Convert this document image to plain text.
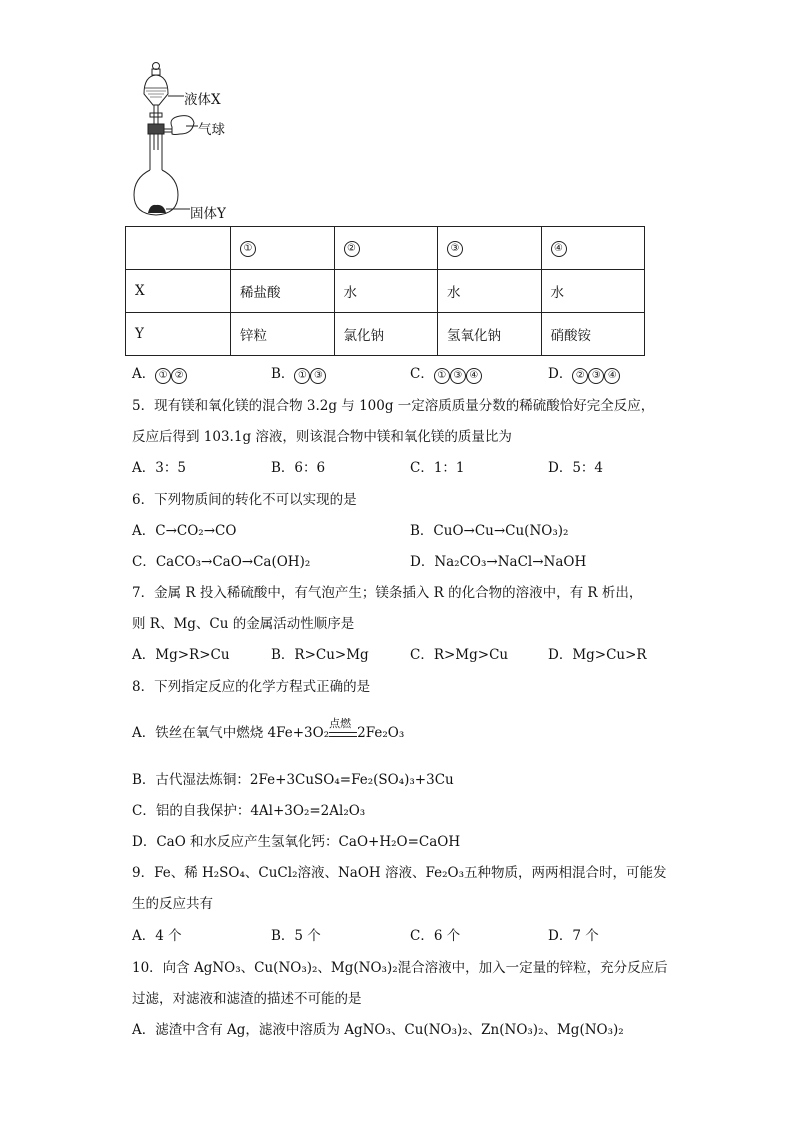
液体X
气球
固体Y
	①	②	③	④
X	稀盐酸	水	水	水
Y	锌粒	氯化钠	氢氧化钠	硝酸铵
A． ① ②	B． ① ③	C． ① ③ ④	D． ② ③ ④
5．现有镁和氧化镁的混合物 3.2g 与 100g 一定溶质质量分数的稀硫酸恰好完全反应，
反应后得到 103.1g 溶液，则该混合物中镁和氧化镁的质量比为
A．3：5	B．6：6	C．1：1	D．5：4
6．下列物质间的转化不可以实现的是
A．C→CO₂→CO	B．CuO→Cu→Cu(NO₃)₂
C．CaCO₃→CaO→Ca(OH)₂	D．Na₂CO₃→NaCl→NaOH
7．金属 R 投入稀硫酸中，有气泡产生；镁条插入 R 的化合物的溶液中，有 R 析出，
则 R、Mg、Cu 的金属活动性顺序是
A．Mg>R>Cu	B．R>Cu>Mg	C．R>Mg>Cu	D．Mg>Cu>R
8．下列指定反应的化学方程式正确的是
A．铁丝在氧气中燃烧 4Fe+3O₂
点燃
2Fe₂O₃
B．古代湿法炼铜：2Fe+3CuSO₄=Fe₂(SO₄)₃+3Cu
C．铝的自我保护：4Al+3O₂=2Al₂O₃
D．CaO 和水反应产生氢氧化钙：CaO+H₂O=CaOH
9．Fe、稀 H₂SO₄、CuCl₂溶液、NaOH 溶液、Fe₂O₃五种物质，两两相混合时，可能发
生的反应共有
A．4 个	B．5 个	C．6 个	D．7 个
10．向含 AgNO₃、Cu(NO₃)₂、Mg(NO₃)₂混合溶液中，加入一定量的锌粒，充分反应后
过滤，对滤液和滤渣的描述不可能的是
A．滤渣中含有 Ag，滤液中溶质为 AgNO₃、Cu(NO₃)₂、Zn(NO₃)₂、Mg(NO₃)₂
